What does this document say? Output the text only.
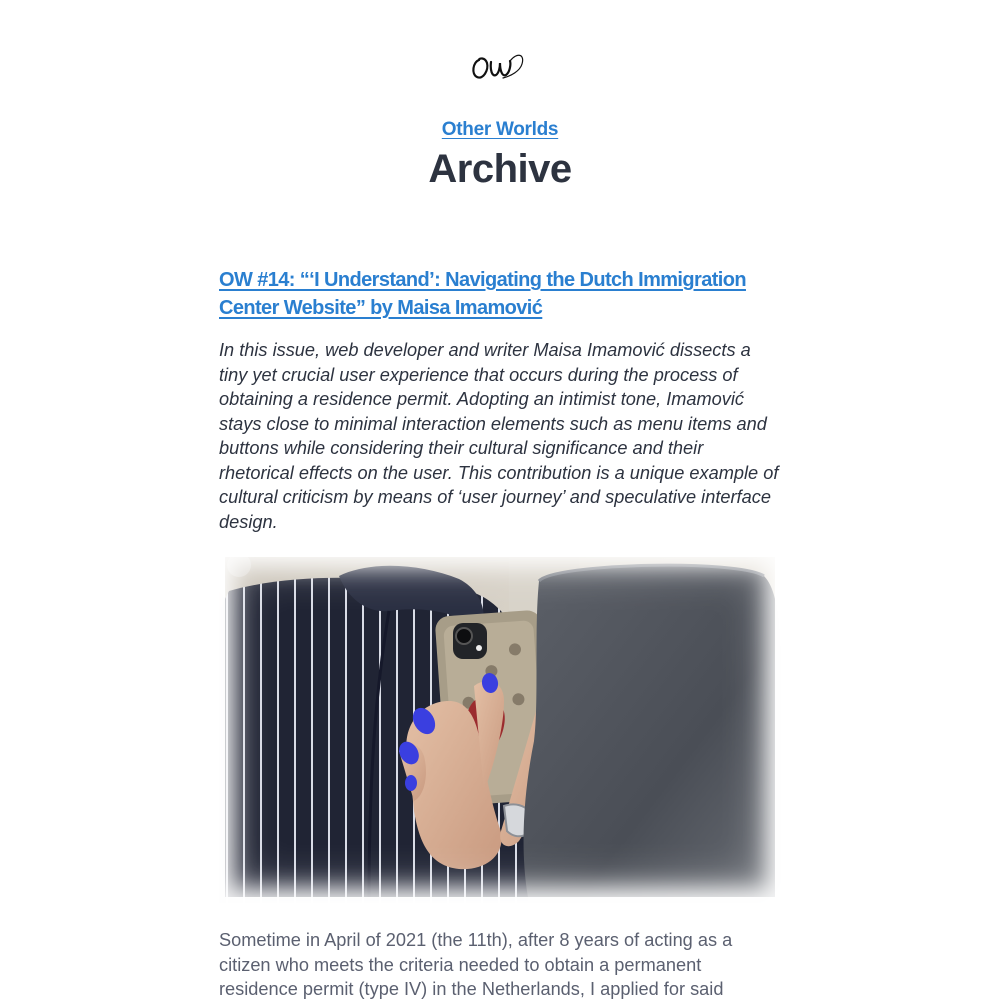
Other Worlds
Archive
OW #14: “‘I Understand’: Navigating the Dutch Immigration Center Website” by Maisa Imamović

In this issue, web developer and writer Maisa Imamović dissects a tiny yet crucial user experience that occurs during the process of obtaining a residence permit. Adopting an intimist tone, Imamović stays close to minimal interaction elements such as menu items and buttons while considering their cultural significance and their rhetorical effects on the user. This contribution is a unique example of cultural criticism by means of ‘user journey’ and speculative interface design.

Sometime in April of 2021 (the 11th), after 8 years of acting as a citizen who meets the criteria needed to obtain a permanent residence permit (type IV) in the Netherlands, I applied for said
